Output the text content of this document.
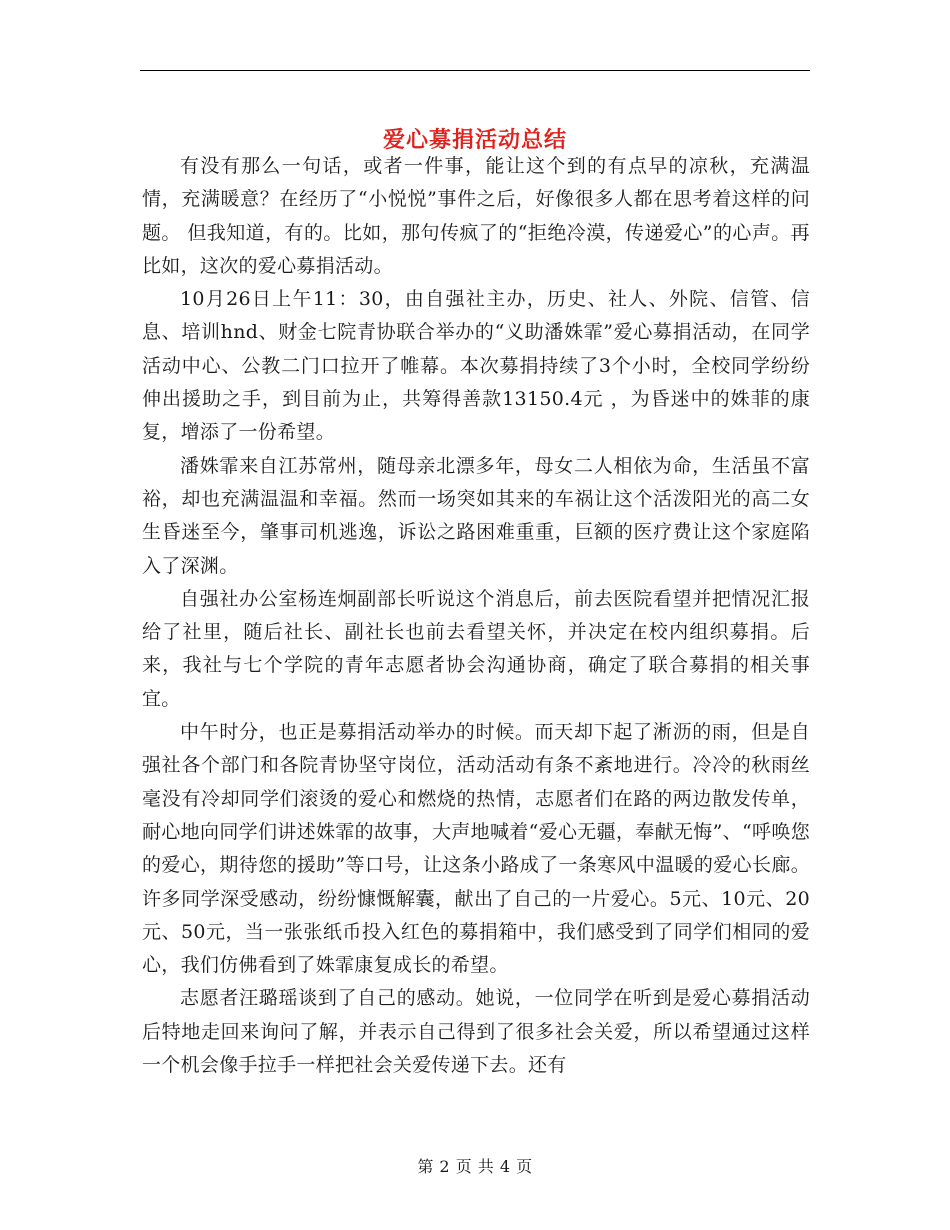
爱心募捐活动总结

有没有那么一句话，或者一件事，能让这个到的有点早的凉秋，充满温情，充满暖意？在经历了“小悦悦”事件之后，好像很多人都在思考着这样的问题。 但我知道，有的。比如，那句传疯了的“拒绝冷漠，传递爱心”的心声。再比如，这次的爱心募捐活动。

10月26日上午11：30，由自强社主办，历史、社人、外院、信管、信息、培训hnd、财金七院青协联合举办的“义助潘姝霏”爱心募捐活动，在同学活动中心、公教二门口拉开了帷幕。本次募捐持续了3个小时，全校同学纷纷伸出援助之手，到目前为止，共筹得善款13150.4元 ，为昏迷中的姝菲的康复，增添了一份希望。

潘姝霏来自江苏常州，随母亲北漂多年，母女二人相依为命，生活虽不富裕，却也充满温温和幸福。然而一场突如其来的车祸让这个活泼阳光的高二女生昏迷至今，肇事司机逃逸，诉讼之路困难重重，巨额的医疗费让这个家庭陷入了深渊。

自强社办公室杨连炯副部长听说这个消息后，前去医院看望并把情况汇报给了社里，随后社长、副社长也前去看望关怀，并决定在校内组织募捐。后来，我社与七个学院的青年志愿者协会沟通协商，确定了联合募捐的相关事宜。

中午时分，也正是募捐活动举办的时候。而天却下起了淅沥的雨，但是自强社各个部门和各院青协坚守岗位，活动活动有条不紊地进行。冷冷的秋雨丝毫没有冷却同学们滚烫的爱心和燃烧的热情，志愿者们在路的两边散发传单，耐心地向同学们讲述姝霏的故事，大声地喊着“爱心无疆，奉献无悔”、“呼唤您的爱心，期待您的援助”等口号，让这条小路成了一条寒风中温暖的爱心长廊。许多同学深受感动，纷纷慷慨解囊，献出了自己的一片爱心。5元、10元、20元、50元，当一张张纸币投入红色的募捐箱中，我们感受到了同学们相同的爱心，我们仿佛看到了姝霏康复成长的希望。

志愿者汪璐瑶谈到了自己的感动。她说，一位同学在听到是爱心募捐活动后特地走回来询问了解，并表示自己得到了很多社会关爱，所以希望通过这样一个机会像手拉手一样把社会关爱传递下去。还有

第 2 页 共 4 页
